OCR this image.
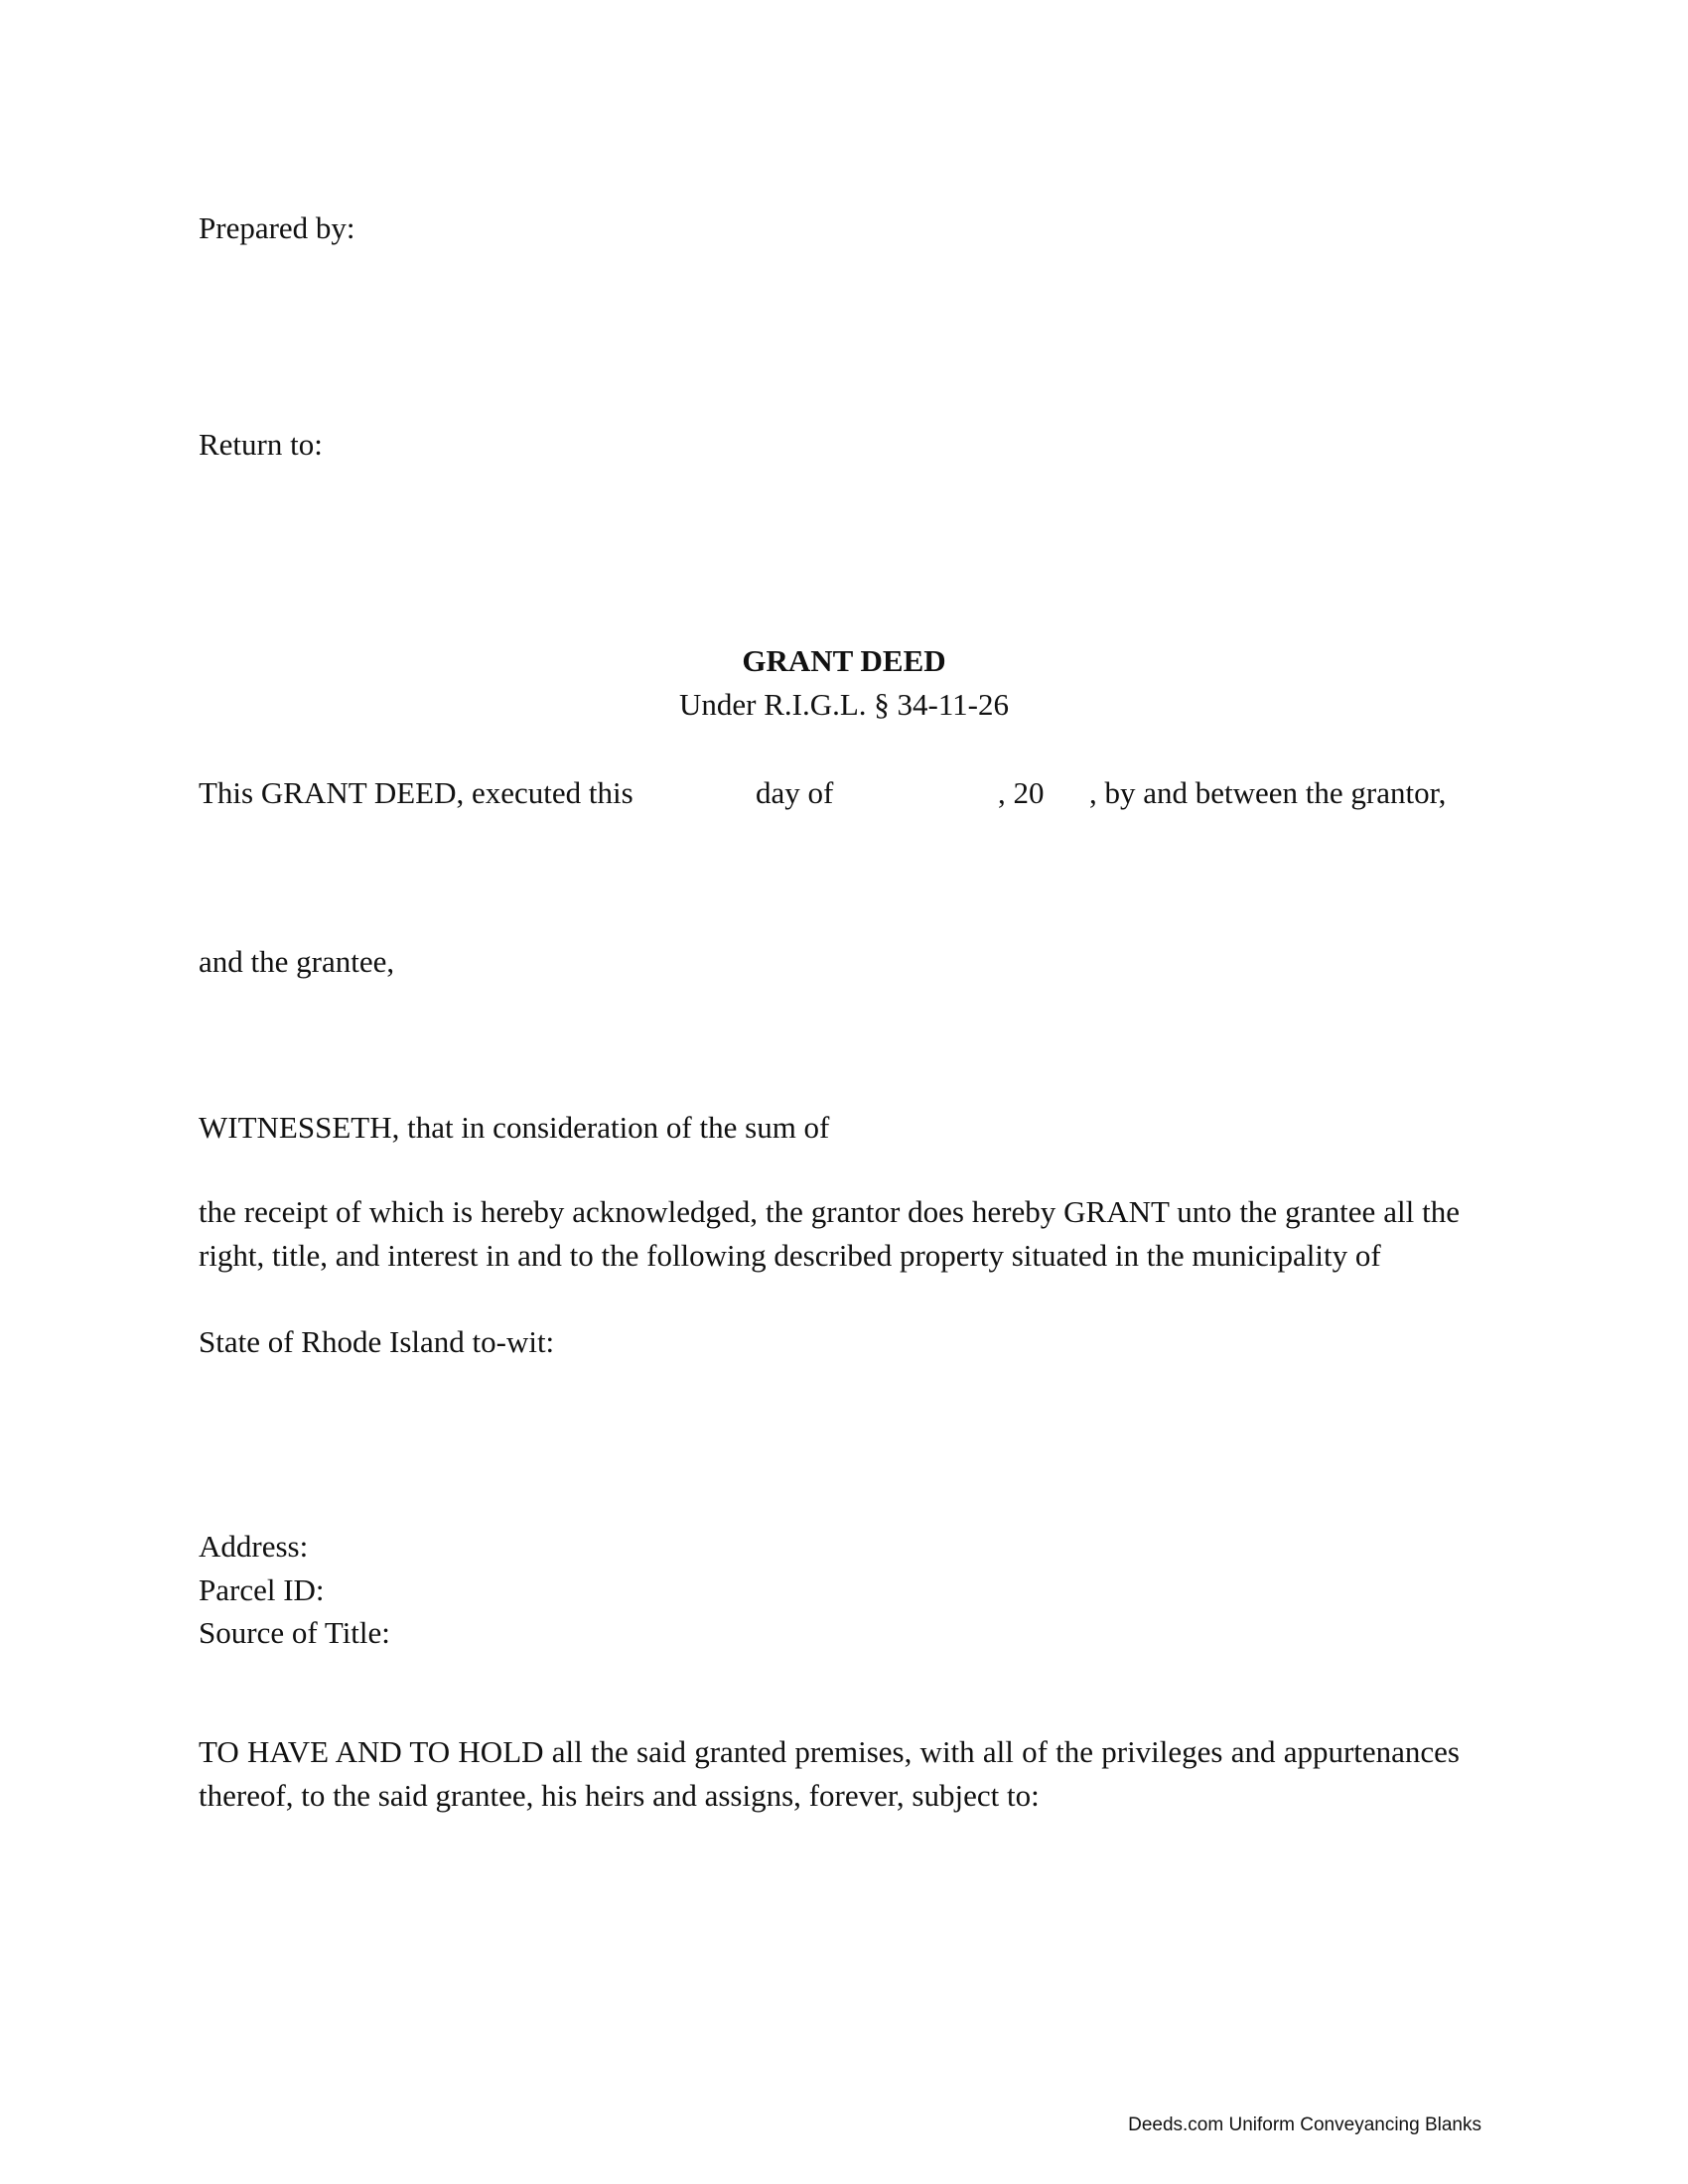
Prepared by:
Return to:
GRANT DEED
Under R.I.G.L. § 34-11-26
This GRANT DEED, executed this	day of	, 20 , by and between the grantor,
and the grantee,
WITNESSETH, that in consideration of the sum of
the receipt of which is hereby acknowledged, the grantor does hereby GRANT unto the grantee all the right, title, and interest in and to the following described property situated in the municipality of
State of Rhode Island to-wit:
Address:
Parcel ID:
Source of Title:
TO HAVE AND TO HOLD all the said granted premises, with all of the privileges and appurtenances thereof, to the said grantee, his heirs and assigns, forever, subject to:
Deeds.com Uniform Conveyancing Blanks
